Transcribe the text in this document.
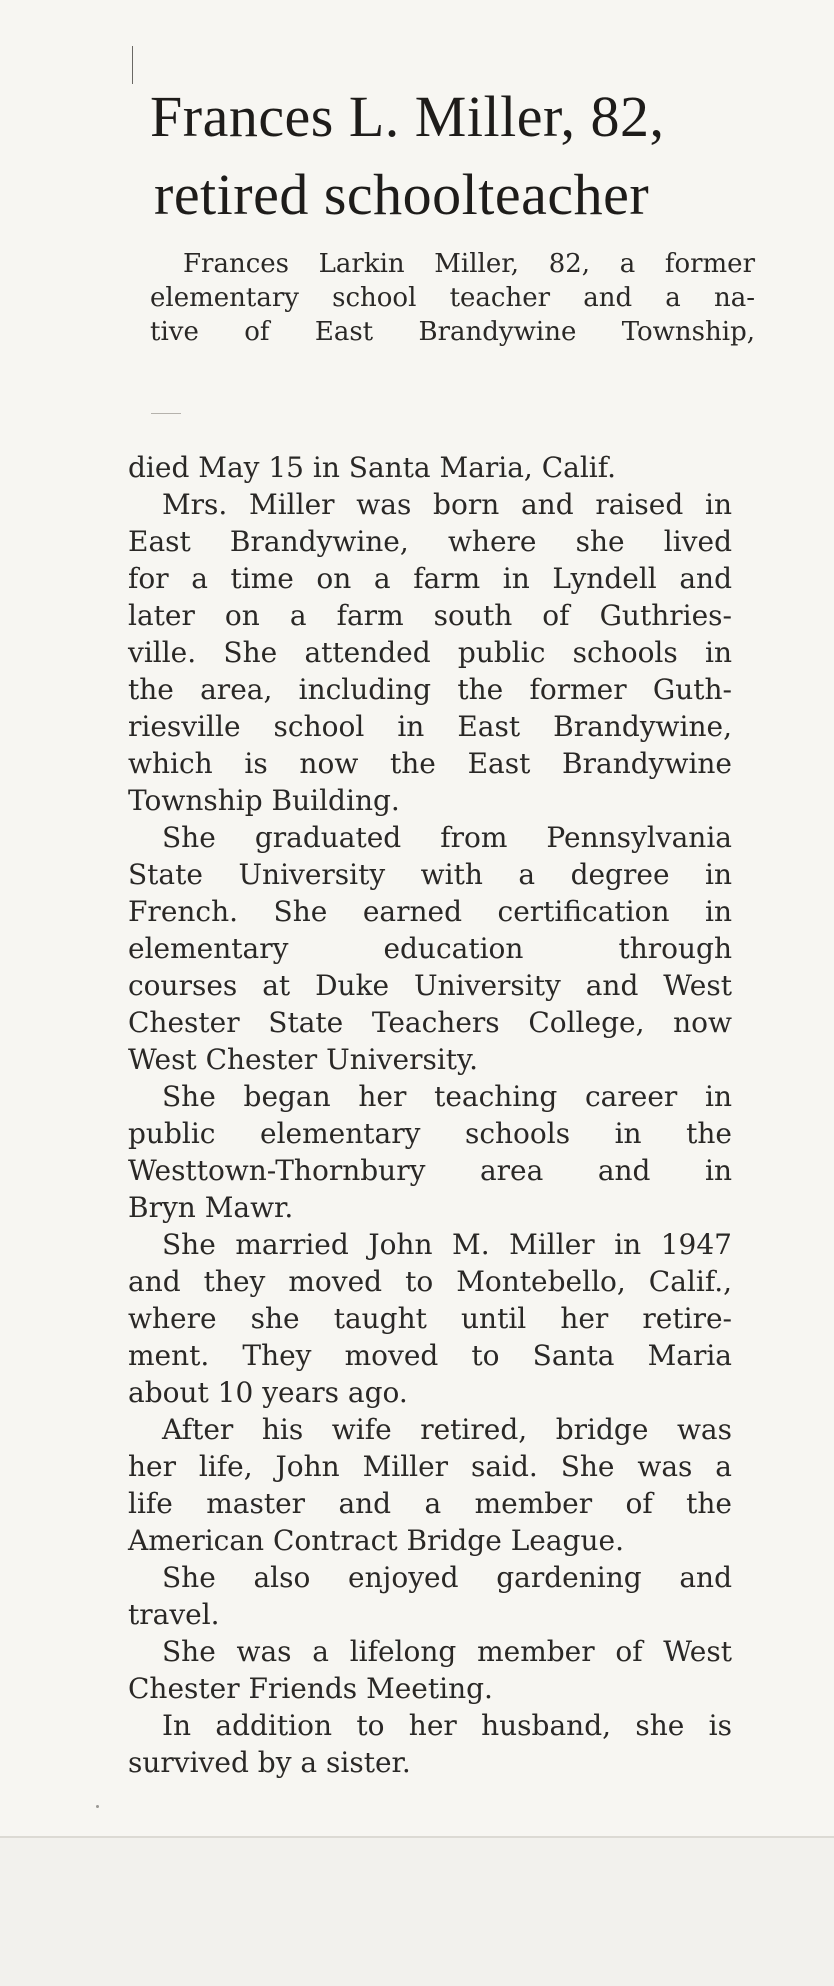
Frances L. Miller, 82,
retired schoolteacher

Frances Larkin Miller, 82, a former
elementary school teacher and a na-
tive of East Brandywine Township,

died May 15 in Santa Maria, Calif.

Mrs. Miller was born and raised in
East Brandywine, where she lived
for a time on a farm in Lyndell and
later on a farm south of Guthries-
ville. She attended public schools in
the area, including the former Guth-
riesville school in East Brandywine,
which is now the East Brandywine
Township Building.

She graduated from Pennsylvania
State University with a degree in
French. She earned certification in
elementary education through
courses at Duke University and West
Chester State Teachers College, now
West Chester University.

She began her teaching career in
public elementary schools in the
Westtown-Thornbury area and in
Bryn Mawr.

She married John M. Miller in 1947
and they moved to Montebello, Calif.,
where she taught until her retire-
ment. They moved to Santa Maria
about 10 years ago.

After his wife retired, bridge was
her life, John Miller said. She was a
life master and a member of the
American Contract Bridge League.

She also enjoyed gardening and
travel.

She was a lifelong member of West
Chester Friends Meeting.

In addition to her husband, she is
survived by a sister.
